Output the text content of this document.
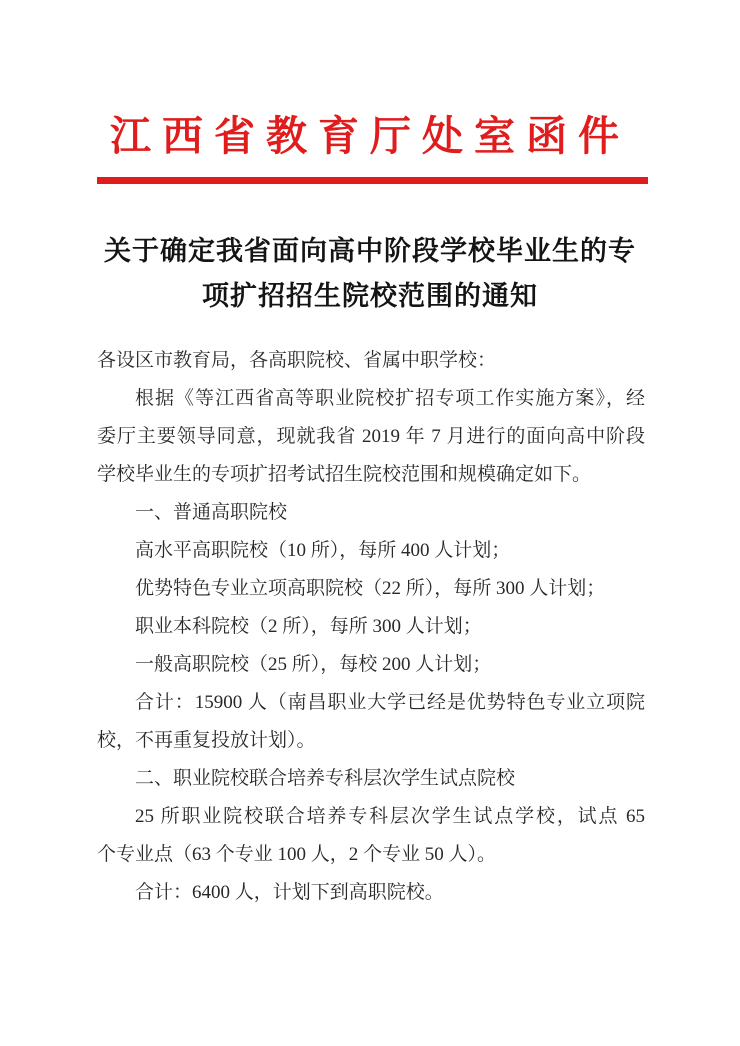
江西省教育厅处室函件
关于确定我省面向高中阶段学校毕业生的专
项扩招招生院校范围的通知
各设区市教育局，各高职院校、省属中职学校：
根据《等江西省高等职业院校扩招专项工作实施方案》，经
委厅主要领导同意，现就我省 2019 年 7 月进行的面向高中阶段
学校毕业生的专项扩招考试招生院校范围和规模确定如下。
一、普通高职院校
高水平高职院校（10 所），每所 400 人计划；
优势特色专业立项高职院校（22 所），每所 300 人计划；
职业本科院校（2 所），每所 300 人计划；
一般高职院校（25 所），每校 200 人计划；
合计：15900 人（南昌职业大学已经是优势特色专业立项院
校，不再重复投放计划）。
二、职业院校联合培养专科层次学生试点院校
25 所职业院校联合培养专科层次学生试点学校，试点 65
个专业点（63 个专业 100 人，2 个专业 50 人）。
合计：6400 人，计划下到高职院校。
